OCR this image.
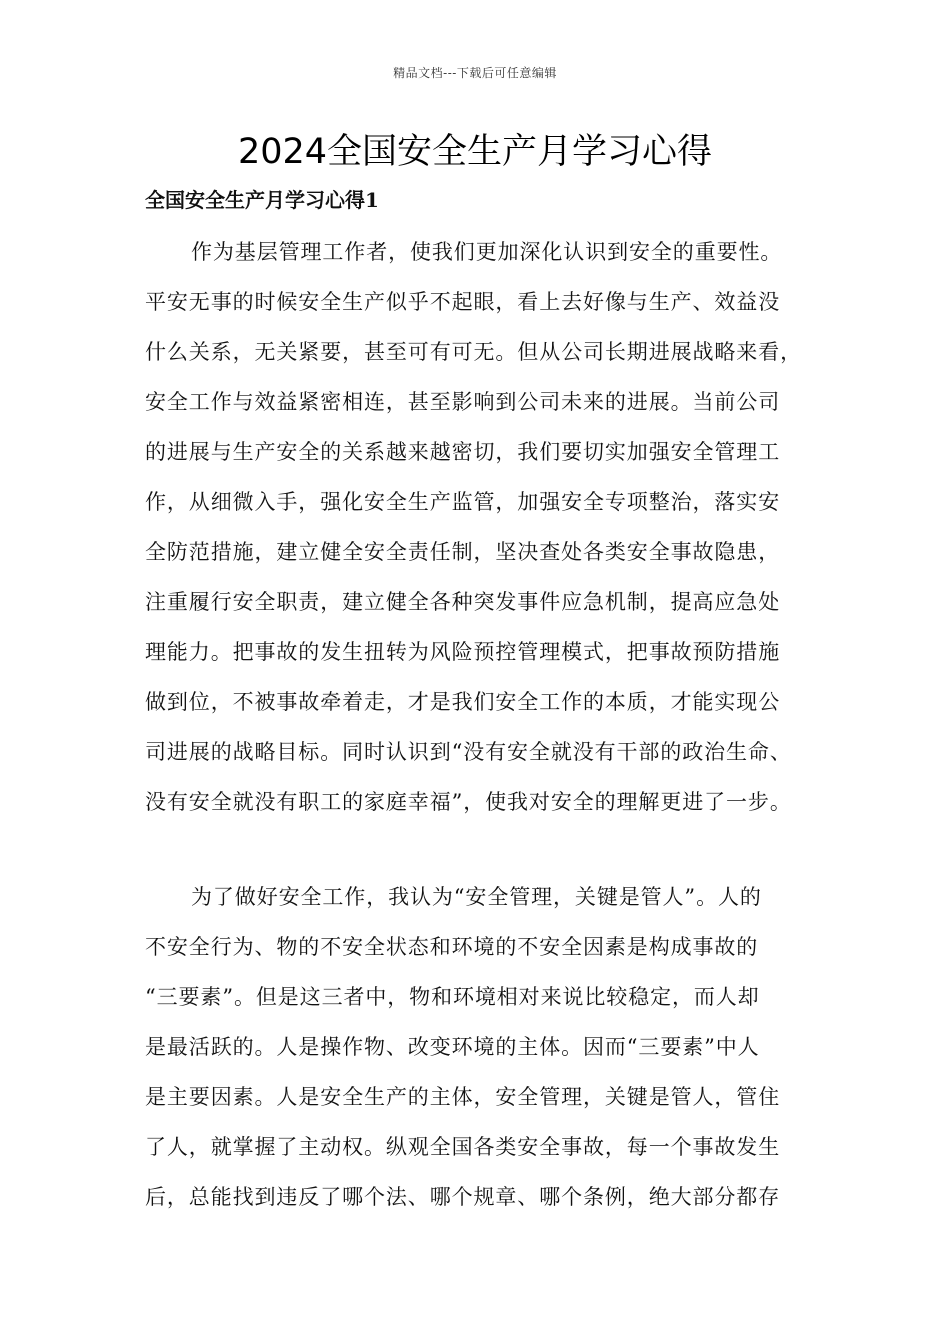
精品文档---下载后可任意编辑
2024全国安全生产月学习心得
全国安全生产月学习心得1
作为基层管理工作者，使我们更加深化认识到安全的重要性。
平安无事的时候安全生产似乎不起眼，看上去好像与生产、效益没
什么关系，无关紧要，甚至可有可无。但从公司长期进展战略来看，
安全工作与效益紧密相连，甚至影响到公司未来的进展。当前公司
的进展与生产安全的关系越来越密切，我们要切实加强安全管理工
作，从细微入手，强化安全生产监管，加强安全专项整治，落实安
全防范措施，建立健全安全责任制，坚决查处各类安全事故隐患，
注重履行安全职责，建立健全各种突发事件应急机制，提高应急处
理能力。把事故的发生扭转为风险预控管理模式，把事故预防措施
做到位，不被事故牵着走，才是我们安全工作的本质，才能实现公
司进展的战略目标。同时认识到“没有安全就没有干部的政治生命、
没有安全就没有职工的家庭幸福”，使我对安全的理解更进了一步。
为了做好安全工作，我认为“安全管理，关键是管人”。人的
不安全行为、物的不安全状态和环境的不安全因素是构成事故的
“三要素”。但是这三者中，物和环境相对来说比较稳定，而人却
是最活跃的。人是操作物、改变环境的主体。因而“三要素”中人
是主要因素。人是安全生产的主体，安全管理，关键是管人，管住
了人，就掌握了主动权。纵观全国各类安全事故，每一个事故发生
后，总能找到违反了哪个法、哪个规章、哪个条例，绝大部分都存
